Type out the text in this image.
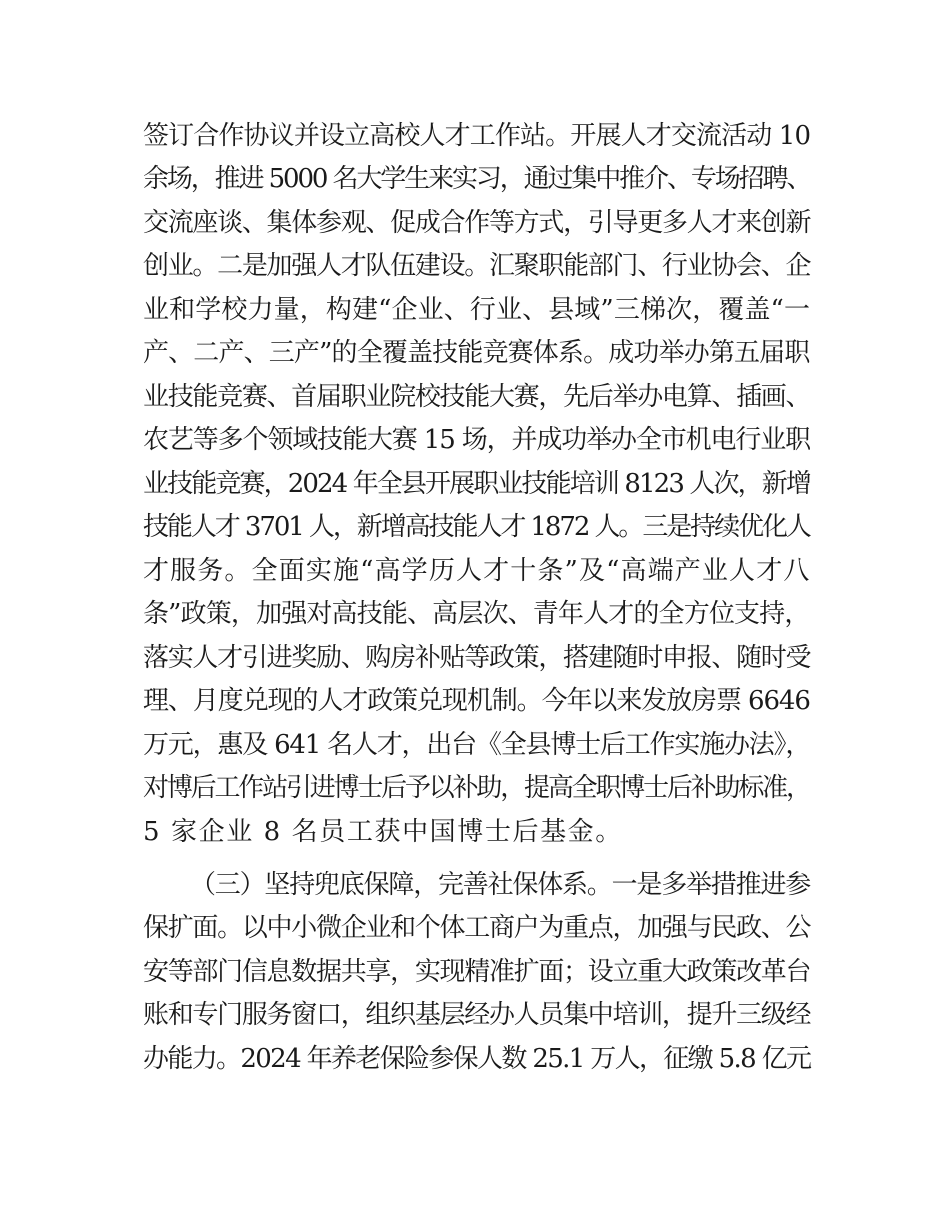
签订合作协议并设立高校人才工作站。开展人才交流活动 10
余场，推进 5000 名大学生来实习，通过集中推介、专场招聘、
交流座谈、集体参观、促成合作等方式，引导更多人才来创新
创业。二是加强人才队伍建设。汇聚职能部门、行业协会、企
业和学校力量，构建“企业、行业、县域”三梯次，覆盖“一
产、二产、三产”的全覆盖技能竞赛体系。成功举办第五届职
业技能竞赛、首届职业院校技能大赛，先后举办电算、插画、
农艺等多个领域技能大赛 15 场，并成功举办全市机电行业职
业技能竞赛，2024 年全县开展职业技能培训 8123 人次，新增
技能人才 3701 人，新增高技能人才 1872 人。三是持续优化人
才服务。全面实施“高学历人才十条”及“高端产业人才八
条”政策，加强对高技能、高层次、青年人才的全方位支持，
落实人才引进奖励、购房补贴等政策，搭建随时申报、随时受
理、月度兑现的人才政策兑现机制。今年以来发放房票 6646
万元，惠及 641 名人才，出台《全县博士后工作实施办法》，
对博后工作站引进博士后予以补助，提高全职博士后补助标准，
5 家企业 8 名员工获中国博士后基金。
（三）坚持兜底保障，完善社保体系。一是多举措推进参
保扩面。以中小微企业和个体工商户为重点，加强与民政、公
安等部门信息数据共享，实现精准扩面；设立重大政策改革台
账和专门服务窗口，组织基层经办人员集中培训，提升三级经
办能力。2024 年养老保险参保人数 25.1 万人，征缴 5.8 亿元
